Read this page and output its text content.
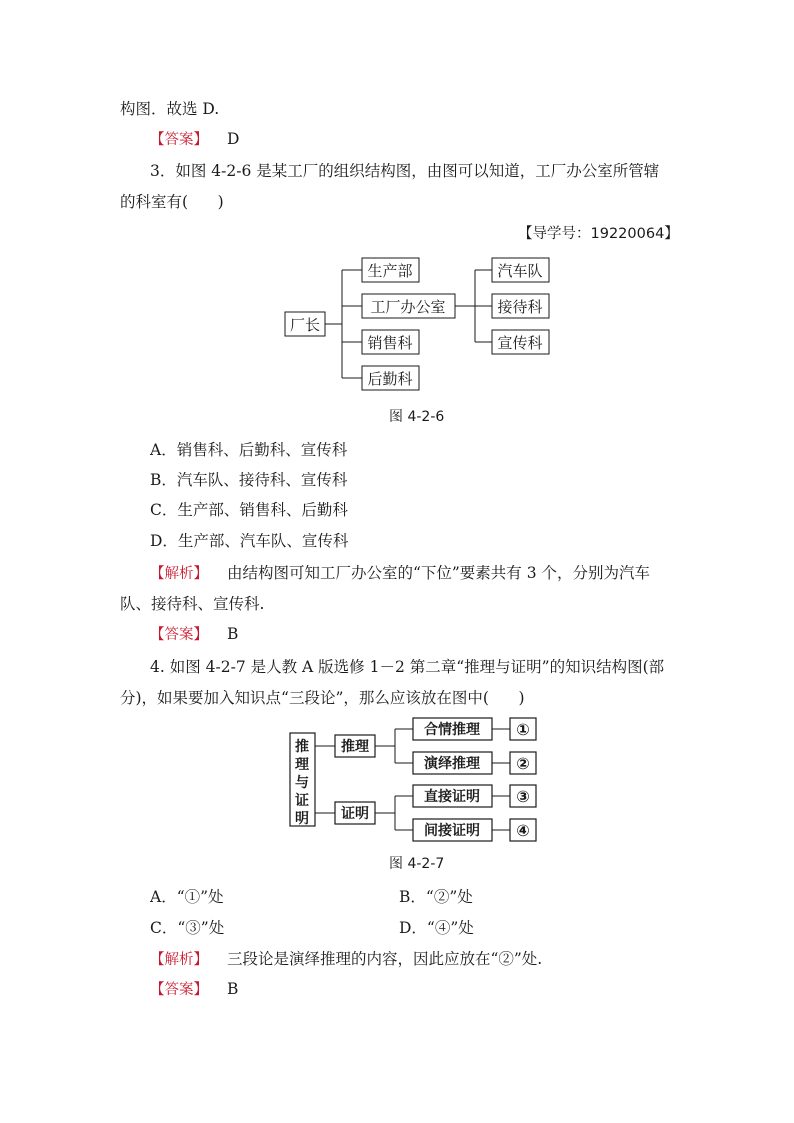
构图．故选 D.
【答案】 D
3．如图 4-2-6 是某工厂的组织结构图，由图可以知道，工厂办公室所管辖
的科室有(      )
【导学号：19220064】
厂长
生产部
工厂办公室
销售科
后勤科
汽车队
接待科
宣传科
推
理
与
证
明
推理
证明
合情推理
演绎推理
直接证明
间接证明
①
②
③
④
图 4-2-6
A．销售科、后勤科、宣传科
B．汽车队、接待科、宣传科
C．生产部、销售科、后勤科
D．生产部、汽车队、宣传科
【解析】 由结构图可知工厂办公室的“下位”要素共有 3 个，分别为汽车
队、接待科、宣传科.
【答案】 B
4. 如图 4-2-7 是人教 A 版选修 1－2 第二章“推理与证明”的知识结构图(部
分)，如果要加入知识点“三段论”，那么应该放在图中(      )
图 4-2-7
A．“①”处	B．“②”处
C．“③”处	D．“④”处
【解析】 三段论是演绎推理的内容，因此应放在“②”处.
【答案】 B
